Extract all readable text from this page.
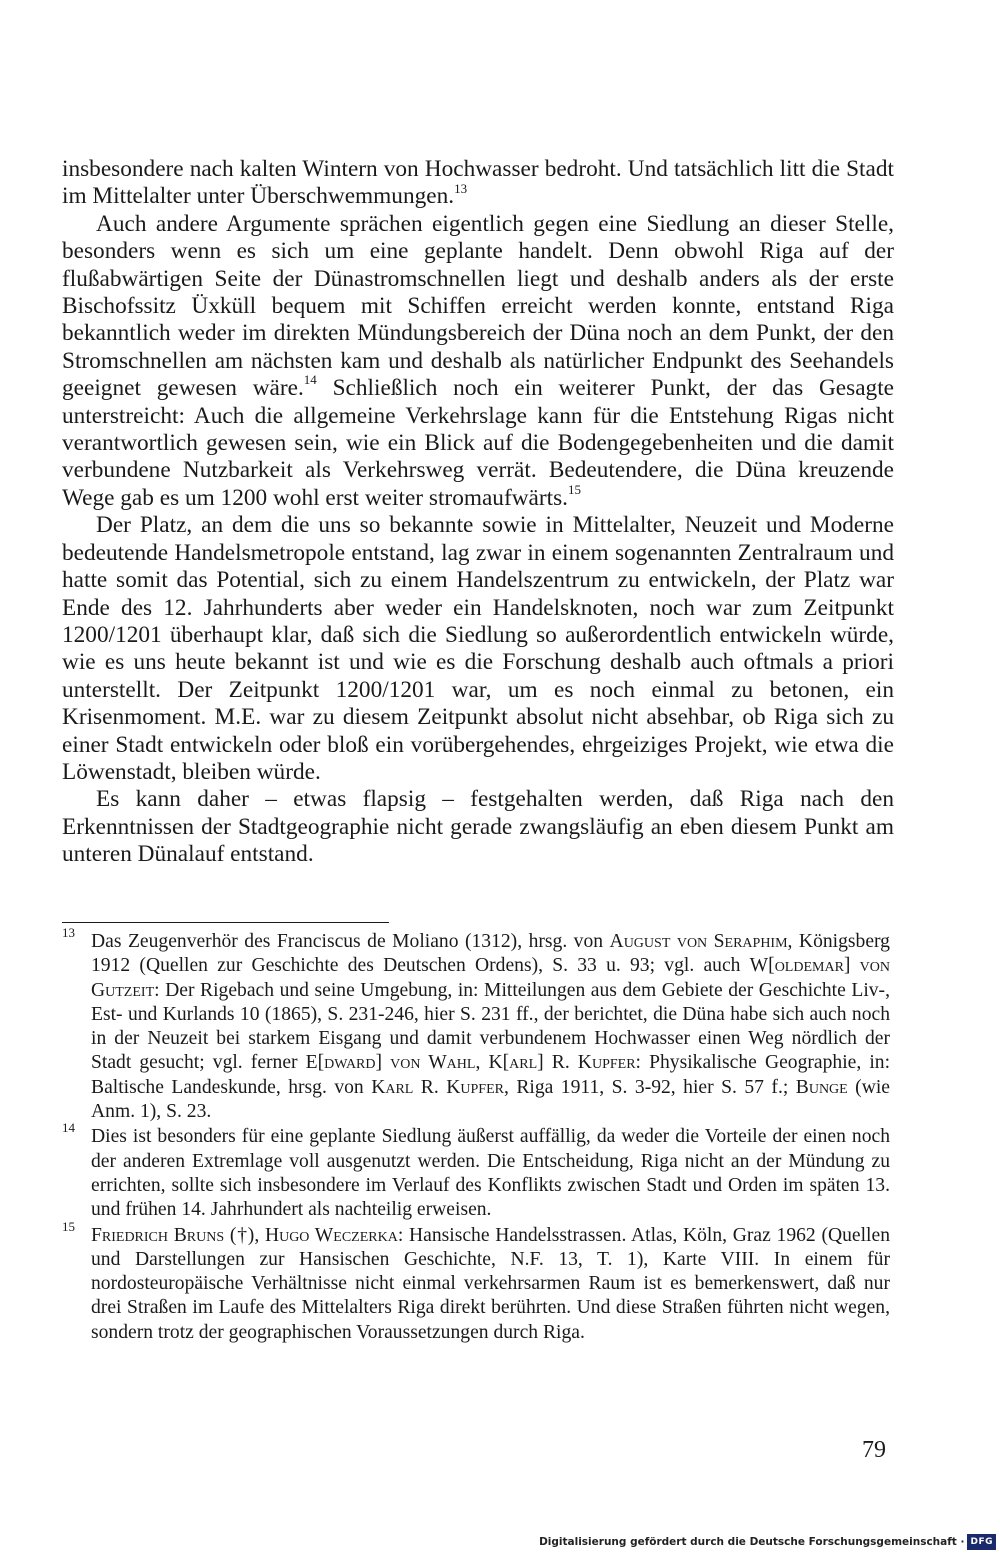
insbesondere nach kalten Wintern von Hochwasser bedroht. Und tatsächlich litt die Stadt im Mittelalter unter Überschwemmungen.$^{13}$

Auch andere Argumente sprächen eigentlich gegen eine Siedlung an dieser Stelle, besonders wenn es sich um eine geplante handelt. Denn obwohl Riga auf der flußabwärtigen Seite der Dünastromschnellen liegt und deshalb anders als der erste Bischofssitz Üxküll bequem mit Schiffen erreicht werden konnte, entstand Riga bekanntlich weder im direkten Mündungsbereich der Düna noch an dem Punkt, der den Stromschnellen am nächsten kam und deshalb als natürlicher Endpunkt des Seehandels geeignet gewesen wäre.$^{14}$ Schließlich noch ein weiterer Punkt, der das Gesagte unterstreicht: Auch die allgemeine Verkehrslage kann für die Entstehung Rigas nicht verantwortlich gewesen sein, wie ein Blick auf die Bodengegebenheiten und die damit verbundene Nutzbarkeit als Verkehrsweg verrät. Bedeutendere, die Düna kreuzende Wege gab es um 1200 wohl erst weiter stromaufwärts.$^{15}$

Der Platz, an dem die uns so bekannte sowie in Mittelalter, Neuzeit und Moderne bedeutende Handelsmetropole entstand, lag zwar in einem sogenannten Zentralraum und hatte somit das Potential, sich zu einem Handelszentrum zu entwickeln, der Platz war Ende des 12. Jahrhunderts aber weder ein Handelsknoten, noch war zum Zeitpunkt 1200/1201 überhaupt klar, daß sich die Siedlung so außerordentlich entwickeln würde, wie es uns heute bekannt ist und wie es die Forschung deshalb auch oftmals a priori unterstellt. Der Zeitpunkt 1200/1201 war, um es noch einmal zu betonen, ein Krisenmoment. M.E. war zu diesem Zeitpunkt absolut nicht absehbar, ob Riga sich zu einer Stadt entwickeln oder bloß ein vorübergehendes, ehrgeiziges Projekt, wie etwa die Löwenstadt, bleiben würde.

Es kann daher – etwas flapsig – festgehalten werden, daß Riga nach den Erkenntnissen der Stadtgeographie nicht gerade zwangsläufig an eben diesem Punkt am unteren Dünalauf entstand.

13 Das Zeugenverhör des Franciscus de Moliano (1312), hrsg. von August von Seraphim, Königsberg 1912 (Quellen zur Geschichte des Deutschen Ordens), S. 33 u. 93; vgl. auch W[oldemar] von Gutzeit: Der Rigebach und seine Umgebung, in: Mitteilungen aus dem Gebiete der Geschichte Liv-, Est- und Kurlands 10 (1865), S. 231-246, hier S. 231 ff., der berichtet, die Düna habe sich auch noch in der Neuzeit bei starkem Eisgang und damit verbundenem Hochwasser einen Weg nördlich der Stadt gesucht; vgl. ferner E[dward] von Wahl, K[arl] R. Kupfer: Physikalische Geographie, in: Baltische Landeskunde, hrsg. von Karl R. Kupfer, Riga 1911, S. 3-92, hier S. 57 f.; Bunge (wie Anm. 1), S. 23.
14 Dies ist besonders für eine geplante Siedlung äußerst auffällig, da weder die Vorteile der einen noch der anderen Extremlage voll ausgenutzt werden. Die Entscheidung, Riga nicht an der Mündung zu errichten, sollte sich insbesondere im Verlauf des Konflikts zwischen Stadt und Orden im späten 13. und frühen 14. Jahrhundert als nachteilig erweisen.
15 Friedrich Bruns (†), Hugo Weczerka: Hansische Handelsstrassen. Atlas, Köln, Graz 1962 (Quellen und Darstellungen zur Hansischen Geschichte, N.F. 13, T. 1), Karte VIII. In einem für nordosteuropäische Verhältnisse nicht einmal verkehrsarmen Raum ist es bemerkenswert, daß nur drei Straßen im Laufe des Mittelalters Riga direkt berührten. Und diese Straßen führten nicht wegen, sondern trotz der geographischen Voraussetzungen durch Riga.
79
Digitalisierung gefördert durch die Deutsche Forschungsgemeinschaft · DFG
